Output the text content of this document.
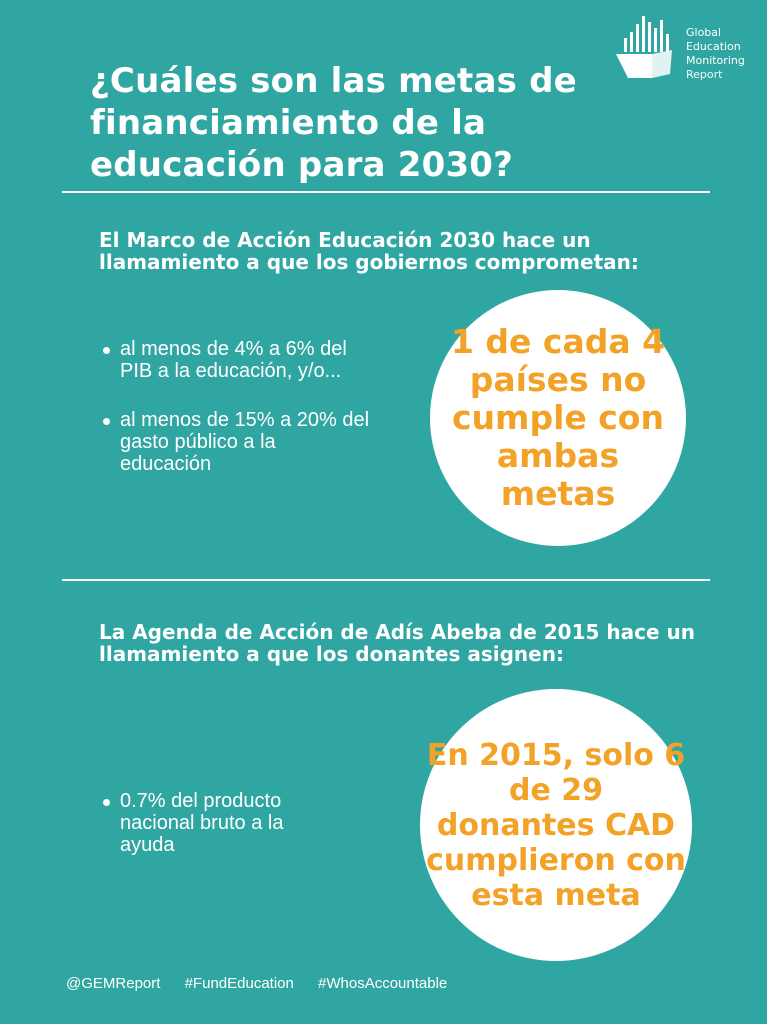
Global
Education
Monitoring
Report
¿Cuáles son las metas de financiamiento de la educación para 2030?
El Marco de Acción Educación 2030 hace un llamamiento a que los gobiernos comprometan:
al menos de 4% a 6% del PIB a la educación, y/o...
al menos de 15% a 20% del gasto público a la educación

1 de cada 4 países no cumple con ambas metas

La Agenda de Acción de Adís Abeba de 2015 hace un llamamiento a que los donantes asignen:
0.7% del producto nacional bruto a la ayuda

En 2015, solo 6 de 29 donantes CAD cumplieron con esta meta

@GEMReport #FundEducation #WhosAccountable
